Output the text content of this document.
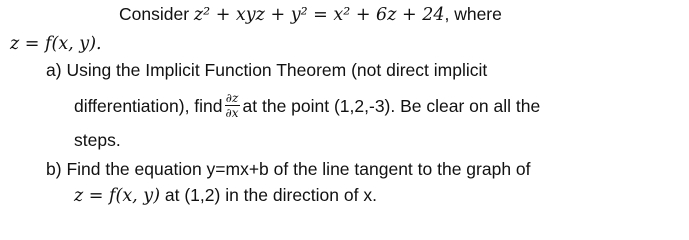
Consider z² + xyz + y² = x² + 6z + 24, where
z = f(x, y).
a) Using the Implicit Function Theorem (not direct implicit
differentiation), find $\frac{\partial z}{\partial x}$ at the point (1,2,-3). Be clear on all the
steps.
b) Find the equation y=mx+b of the line tangent to the graph of
z = f(x, y) at (1,2) in the direction of x.
